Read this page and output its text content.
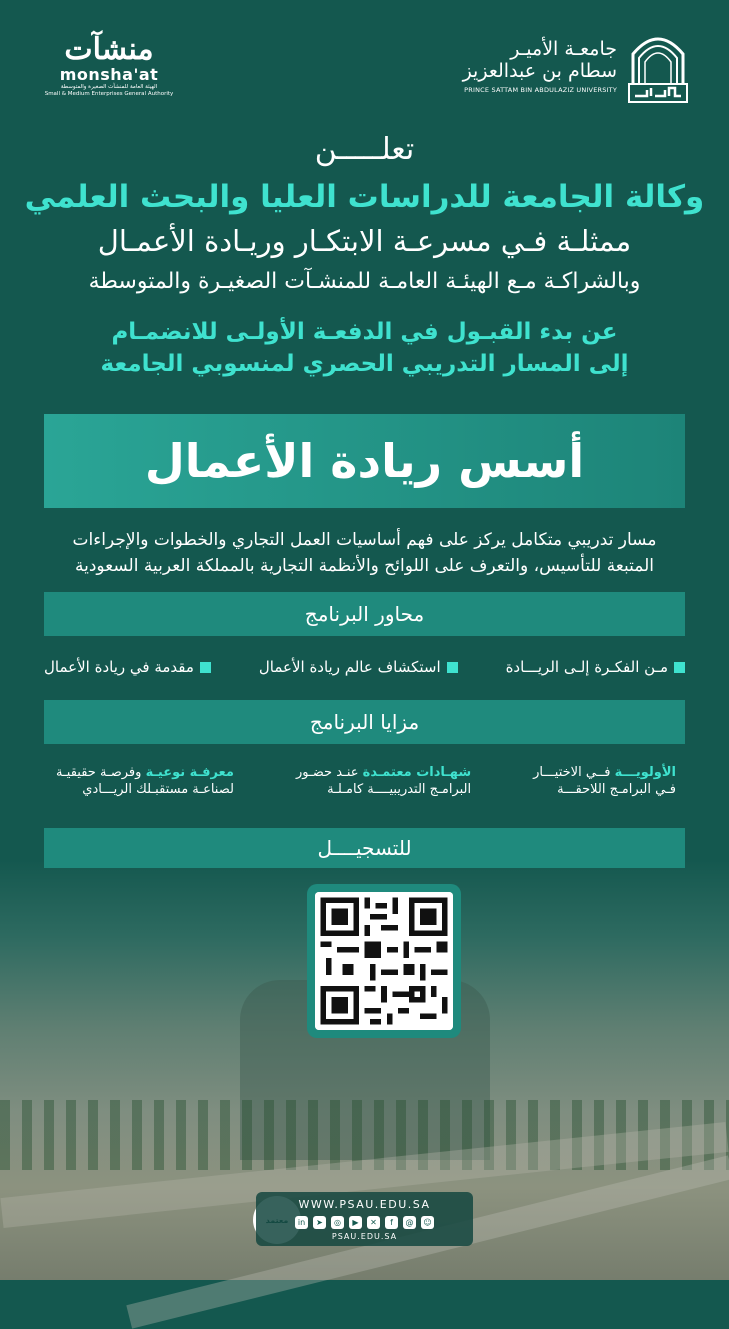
جامعـة الأميـر
سطام بن عبدالعزيز
PRINCE SATTAM BIN ABDULAZIZ UNIVERSITY
منشآت
monsha'at
الهيئة العامة للمنشآت الصغيرة والمتوسطة
Small & Medium Enterprises General Authority
تعلـــــن
وكالة الجامعة للدراسات العليا والبحث العلمي
ممثلـة فـي مسرعـة الابتكـار وريـادة الأعمـال
وبالشراكـة مـع الهيئـة العامـة للمنشـآت الصغيـرة والمتوسطة
عن بدء القبـول في الدفعـة الأولـى للانضمـام
إلى المسار التدريبي الحصري لمنسوبي الجامعة
أسس ريادة الأعمال
مسار تدريبي متكامل يركز على فهم أساسيات العمل التجاري والخطوات والإجراءات
المتبعة للتأسيس، والتعرف على اللوائح والأنظمة التجارية بالمملكة العربية السعودية
محاور البرنامج
مقدمة في ريادة الأعمال	استكشاف عالم ريادة الأعمال	مـن الفكـرة إلـى الريـــادة
مزايا البرنامج
معرفـة نوعيـة وفرصـة حقيقيـة
لصناعـة مستقبـلك الريـــادي
شهـادات معتمـدة عنـد حضـور
البرامـج التدريبيــــة كامـلـة
الأولويـــة فــي الاختيـــار
فـي البرامـج اللاحقـــة
للتسجيــــل
WWW.PSAU.EDU.SA
in	➤	◎	▶	✕	f	@	☺
PSAU.EDU.SA
